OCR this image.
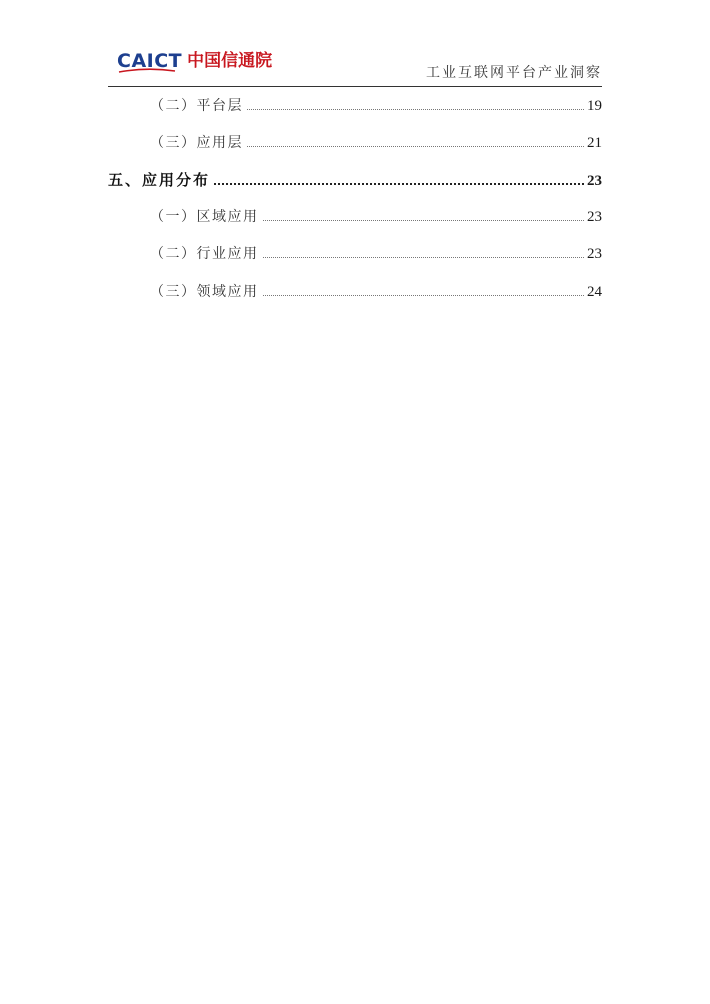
CAICT 中国信通院
工业互联网平台产业洞察
（二）平台层	19
（三）应用层	21
五、应用分布	23
（一）区域应用	23
（二）行业应用	23
（三）领域应用	24
